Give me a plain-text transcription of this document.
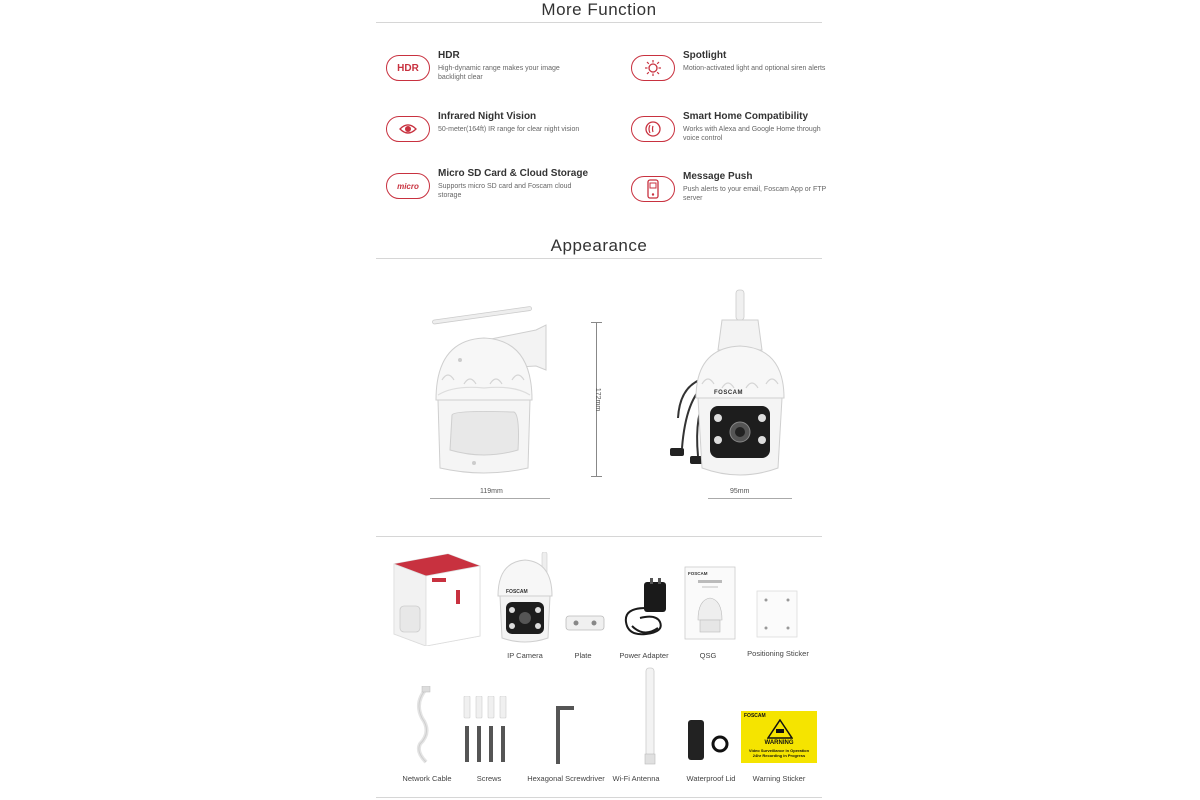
More Function
HDR
HDR
High-dynamic range makes your image backlight clear
Spotlight
Motion-activated light and optional siren alerts
Infrared Night Vision
50-meter(164ft) IR range for clear night vision
Smart Home Compatibility
Works with Alexa and Google Home through voice control
micro
Micro SD Card & Cloud Storage
Supports micro SD card and Foscam cloud storage
Message Push
Push alerts to your email, Foscam App or FTP server
Appearance
172mm
119mm
FOSCAM
95mm
FOSCAM
FOSCAM
IP Camera	Plate	Power Adapter	QSG	Positioning Sticker
FOSCAM
WARNING
Video Surveillance in Operation
24hr Recording in Progress
Network Cable	Screws	Hexagonal Screwdriver	Wi-Fi Antenna	Waterproof Lid	Warning Sticker
